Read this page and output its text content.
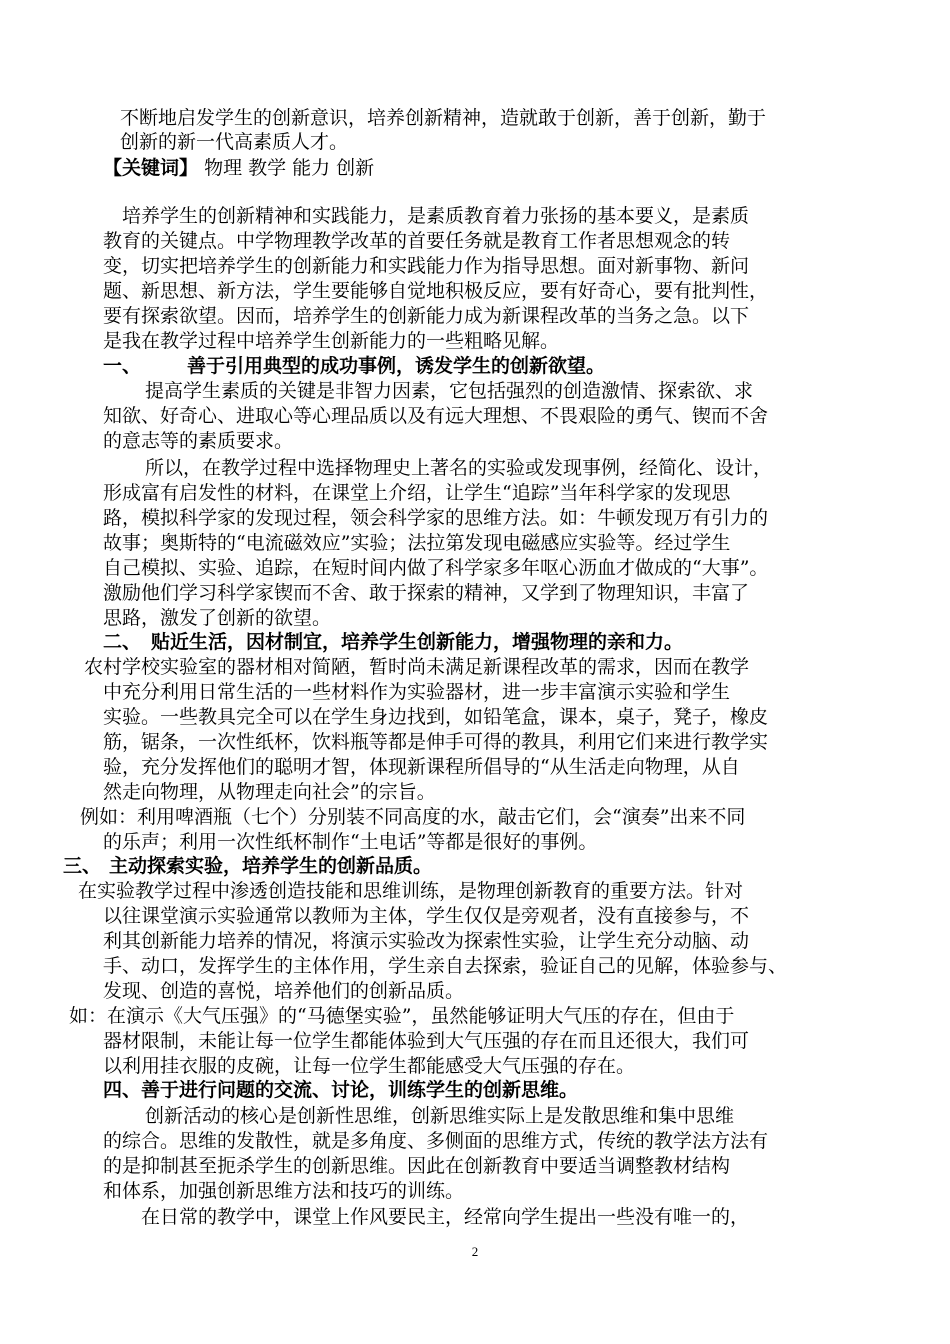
不断地启发学生的创新意识，培养创新精神，造就敢于创新，善于创新，勤于
创新的新一代高素质人才。
【关键词】 物理 教学 能力 创新
培养学生的创新精神和实践能力，是素质教育着力张扬的基本要义，是素质
教育的关键点。中学物理教学改革的首要任务就是教育工作者思想观念的转
变，切实把培养学生的创新能力和实践能力作为指导思想。面对新事物、新问
题、新思想、新方法，学生要能够自觉地积极反应，要有好奇心，要有批判性，
要有探索欲望。因而，培养学生的创新能力成为新课程改革的当务之急。以下
是我在教学过程中培养学生创新能力的一些粗略见解。
一、 善于引用典型的成功事例，诱发学生的创新欲望。
提高学生素质的关键是非智力因素，它包括强烈的创造激情、探索欲、求
知欲、好奇心、进取心等心理品质以及有远大理想、不畏艰险的勇气、锲而不舍
的意志等的素质要求。
所以，在教学过程中选择物理史上著名的实验或发现事例，经简化、设计，
形成富有启发性的材料，在课堂上介绍，让学生“追踪”当年科学家的发现思
路，模拟科学家的发现过程，领会科学家的思维方法。如：牛顿发现万有引力的
故事；奥斯特的“电流磁效应”实验；法拉第发现电磁感应实验等。经过学生
自己模拟、实验、追踪，在短时间内做了科学家多年呕心沥血才做成的“大事”。
激励他们学习科学家锲而不舍、敢于探索的精神，又学到了物理知识，丰富了
思路，激发了创新的欲望。
二、 贴近生活，因材制宜，培养学生创新能力，增强物理的亲和力。
农村学校实验室的器材相对简陋，暂时尚未满足新课程改革的需求，因而在教学
中充分利用日常生活的一些材料作为实验器材，进一步丰富演示实验和学生
实验。一些教具完全可以在学生身边找到，如铅笔盒，课本，桌子，凳子，橡皮
筋，锯条，一次性纸杯，饮料瓶等都是伸手可得的教具，利用它们来进行教学实
验，充分发挥他们的聪明才智，体现新课程所倡导的“从生活走向物理，从自
然走向物理，从物理走向社会”的宗旨。
例如：利用啤酒瓶（七个）分别装不同高度的水，敲击它们，会“演奏”出来不同
的乐声；利用一次性纸杯制作“土电话”等都是很好的事例。
三、 主动探索实验，培养学生的创新品质。
在实验教学过程中渗透创造技能和思维训练，是物理创新教育的重要方法。针对
以往课堂演示实验通常以教师为主体，学生仅仅是旁观者，没有直接参与，不
利其创新能力培养的情况，将演示实验改为探索性实验，让学生充分动脑、动
手、动口，发挥学生的主体作用，学生亲自去探索，验证自己的见解，体验参与、
发现、创造的喜悦，培养他们的创新品质。
如：在演示《大气压强》的“马德堡实验”，虽然能够证明大气压的存在，但由于
器材限制，未能让每一位学生都能体验到大气压强的存在而且还很大，我们可
以利用挂衣服的皮碗，让每一位学生都能感受大气压强的存在。
四、善于进行问题的交流、讨论，训练学生的创新思维。
创新活动的核心是创新性思维，创新思维实际上是发散思维和集中思维
的综合。思维的发散性，就是多角度、多侧面的思维方式，传统的教学法方法有
的是抑制甚至扼杀学生的创新思维。因此在创新教育中要适当调整教材结构
和体系，加强创新思维方法和技巧的训练。
在日常的教学中，课堂上作风要民主，经常向学生提出一些没有唯一的，
2
